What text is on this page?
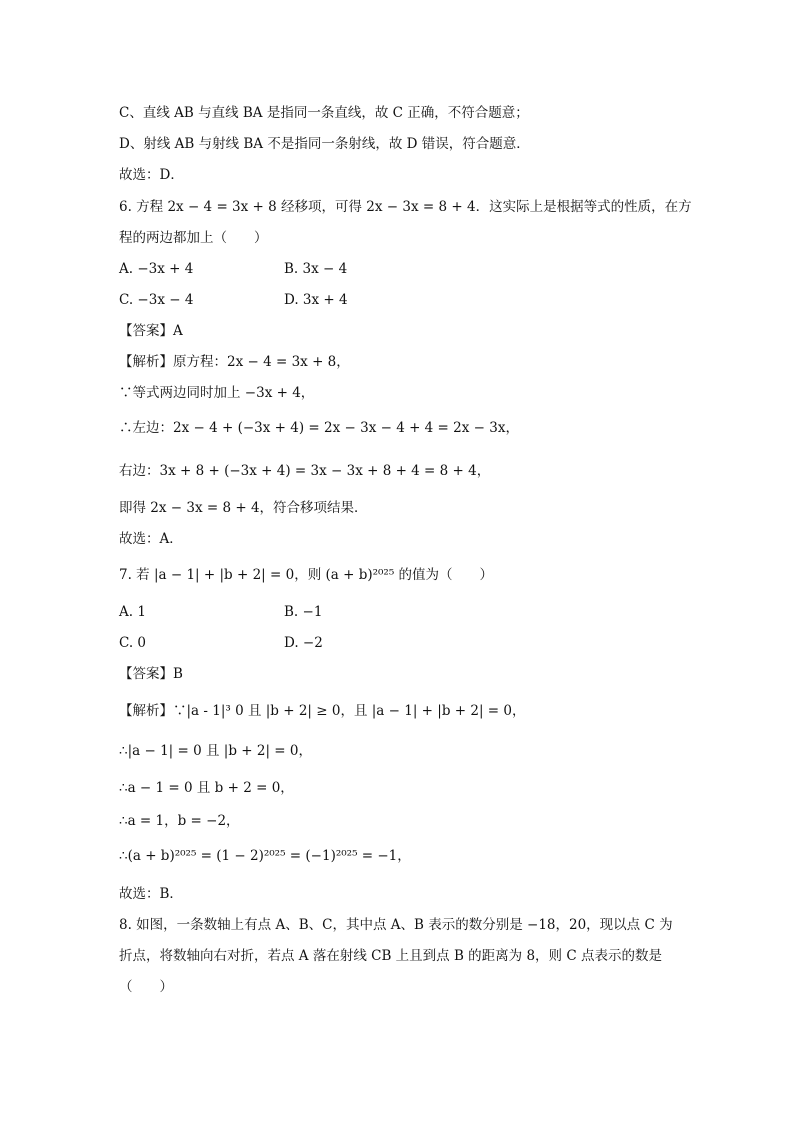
C、直线 AB 与直线 BA 是指同一条直线，故 C 正确，不符合题意；

D、射线 AB 与射线 BA 不是指同一条射线，故 D 错误，符合题意．

故选：D．

6. 方程 2x − 4 = 3x + 8 经移项，可得 2x − 3x = 8 + 4．这实际上是根据等式的性质，在方

程的两边都加上（　　）

A. −3x + 4	B. 3x − 4

C. −3x − 4	D. 3x + 4

【答案】A

【解析】原方程：2x − 4 = 3x + 8，

∵等式两边同时加上 −3x + 4，

∴左边：2x − 4 + (−3x + 4) = 2x − 3x − 4 + 4 = 2x − 3x，

右边：3x + 8 + (−3x + 4) = 3x − 3x + 8 + 4 = 8 + 4，

即得 2x − 3x = 8 + 4，符合移项结果．

故选：A．

7. 若 |a − 1| + |b + 2| = 0，则 (a + b)²⁰²⁵ 的值为（　　）

A. 1	B. −1

C. 0	D. −2

【答案】B

【解析】∵|a - 1|³ 0 且 |b + 2| ≥ 0，且 |a − 1| + |b + 2| = 0，

∴|a − 1| = 0 且 |b + 2| = 0，

∴a − 1 = 0 且 b + 2 = 0，

∴a = 1，b = −2，

∴(a + b)²⁰²⁵ = (1 − 2)²⁰²⁵ = (−1)²⁰²⁵ = −1，

故选：B．

8. 如图，一条数轴上有点 A、B、C，其中点 A、B 表示的数分别是 −18，20，现以点 C 为

折点，将数轴向右对折，若点 A 落在射线 CB 上且到点 B 的距离为 8，则 C 点表示的数是

（　　）
